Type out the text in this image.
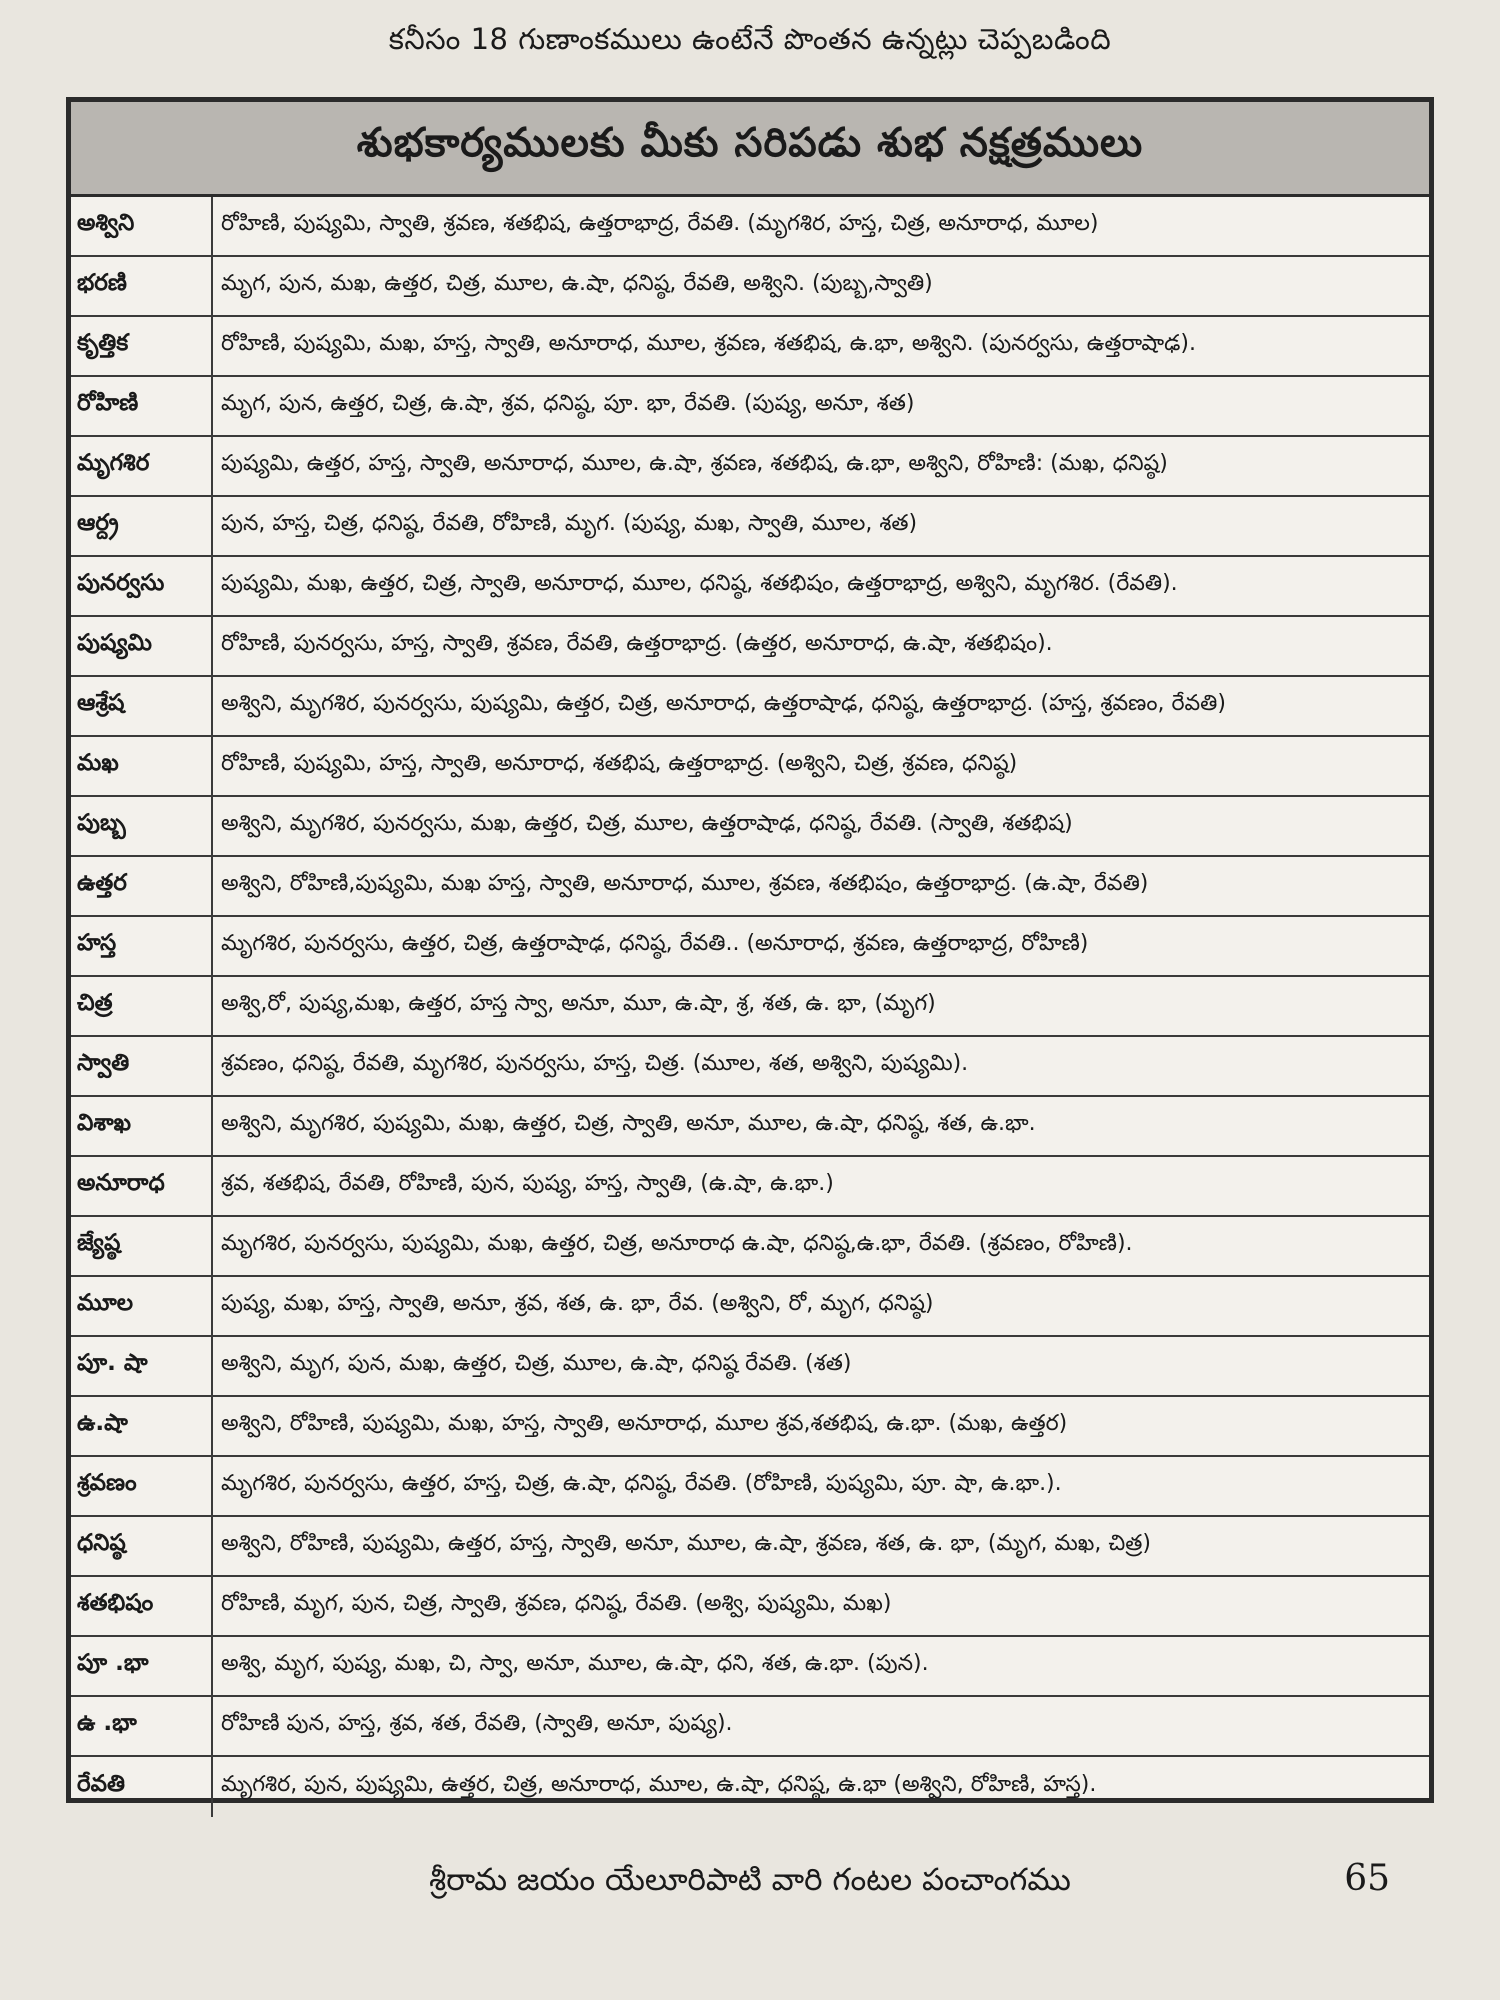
కనీసం 18 గుణాంకములు ఉంటేనే పొంతన ఉన్నట్లు చెప్పబడింది
శుభకార్యములకు మీకు సరిపడు శుభ నక్షత్రములు
అశ్విని	రోహిణి, పుష్యమి, స్వాతి, శ్రవణ, శతభిష, ఉత్తరాభాద్ర, రేవతి. (మృగశిర, హస్త, చిత్ర, అనూరాధ, మూల)
భరణి	మృగ, పున, మఖ, ఉత్తర, చిత్ర, మూల, ఉ.షా, ధనిష్ఠ, రేవతి, అశ్విని. (పుబ్బ,స్వాతి)
కృత్తిక	రోహిణి, పుష్యమి, మఖ, హస్త, స్వాతి, అనూరాధ, మూల, శ్రవణ, శతభిష, ఉ.భా, అశ్విని. (పునర్వసు, ఉత్తరాషాఢ).
రోహిణి	మృగ, పున, ఉత్తర, చిత్ర, ఉ.షా, శ్రవ, ధనిష్ఠ, పూ. భా, రేవతి. (పుష్య, అనూ, శత)
మృగశిర	పుష్యమి, ఉత్తర, హస్త, స్వాతి, అనూరాధ, మూల, ఉ.షా, శ్రవణ, శతభిష, ఉ.భా, అశ్విని, రోహిణి: (మఖ, ధనిష్ఠ)
ఆర్ద్ర	పున, హస్త, చిత్ర, ధనిష్ఠ, రేవతి, రోహిణి, మృగ. (పుష్య, మఖ, స్వాతి, మూల, శత)
పునర్వసు	పుష్యమి, మఖ, ఉత్తర, చిత్ర, స్వాతి, అనూరాధ, మూల, ధనిష్ఠ, శతభిషం, ఉత్తరాభాద్ర, అశ్విని, మృగశిర. (రేవతి).
పుష్యమి	రోహిణి, పునర్వసు, హస్త, స్వాతి, శ్రవణ, రేవతి, ఉత్తరాభాద్ర. (ఉత్తర, అనూరాధ, ఉ.షా, శతభిషం).
ఆశ్రేష	అశ్విని, మృగశిర, పునర్వసు, పుష్యమి, ఉత్తర, చిత్ర, అనూరాధ, ఉత్తరాషాఢ, ధనిష్ఠ, ఉత్తరాభాద్ర. (హస్త, శ్రవణం, రేవతి)
మఖ	రోహిణి, పుష్యమి, హస్త, స్వాతి, అనూరాధ, శతభిష, ఉత్తరాభాద్ర. (అశ్విని, చిత్ర, శ్రవణ, ధనిష్ఠ)
పుబ్బ	అశ్విని, మృగశిర, పునర్వసు, మఖ, ఉత్తర, చిత్ర, మూల, ఉత్తరాషాఢ, ధనిష్ఠ, రేవతి. (స్వాతి, శతభిష)
ఉత్తర	అశ్విని, రోహిణి,పుష్యమి, మఖ హస్త, స్వాతి, అనూరాధ, మూల, శ్రవణ, శతభిషం, ఉత్తరాభాద్ర. (ఉ.షా, రేవతి)
హస్త	మృగశిర, పునర్వసు, ఉత్తర, చిత్ర, ఉత్తరాషాఢ, ధనిష్ఠ, రేవతి.. (అనూరాధ, శ్రవణ, ఉత్తరాభాద్ర, రోహిణి)
చిత్ర	అశ్వి,రో, పుష్య,మఖ, ఉత్తర, హస్త స్వా, అనూ, మూ, ఉ.షా, శ్ర, శత, ఉ. భా, (మృగ)
స్వాతి	శ్రవణం, ధనిష్ఠ, రేవతి, మృగశిర, పునర్వసు, హస్త, చిత్ర. (మూల, శత, అశ్విని, పుష్యమి).
విశాఖ	అశ్విని, మృగశిర, పుష్యమి, మఖ, ఉత్తర, చిత్ర, స్వాతి, అనూ, మూల, ఉ.షా, ధనిష్ఠ, శత, ఉ.భా.
అనూరాధ	శ్రవ, శతభిష, రేవతి, రోహిణి, పున, పుష్య, హస్త, స్వాతి, (ఉ.షా, ఉ.భా.)
జ్యేష్ఠ	మృగశిర, పునర్వసు, పుష్యమి, మఖ, ఉత్తర, చిత్ర, అనూరాధ ఉ.షా, ధనిష్ఠ,ఉ.భా, రేవతి. (శ్రవణం, రోహిణి).
మూల	పుష్య, మఖ, హస్త, స్వాతి, అనూ, శ్రవ, శత, ఉ. భా, రేవ. (అశ్విని, రో, మృగ, ధనిష్ఠ)
పూ. షా	అశ్విని, మృగ, పున, మఖ, ఉత్తర, చిత్ర, మూల, ఉ.షా, ధనిష్ఠ రేవతి. (శత)
ఉ.షా	అశ్విని, రోహిణి, పుష్యమి, మఖ, హస్త, స్వాతి, అనూరాధ, మూల శ్రవ,శతభిష, ఉ.భా. (మఖ, ఉత్తర)
శ్రవణం	మృగశిర, పునర్వసు, ఉత్తర, హస్త, చిత్ర, ఉ.షా, ధనిష్ఠ, రేవతి. (రోహిణి, పుష్యమి, పూ. షా, ఉ.భా.).
ధనిష్ఠ	అశ్విని, రోహిణి, పుష్యమి, ఉత్తర, హస్త, స్వాతి, అనూ, మూల, ఉ.షా, శ్రవణ, శత, ఉ. భా, (మృగ, మఖ, చిత్ర)
శతభిషం	రోహిణి, మృగ, పున, చిత్ర, స్వాతి, శ్రవణ, ధనిష్ఠ, రేవతి. (అశ్వి, పుష్యమి, మఖ)
పూ .భా	అశ్వి, మృగ, పుష్య, మఖ, చి, స్వా, అనూ, మూల, ఉ.షా, ధని, శత, ఉ.భా. (పున).
ఉ .భా	రోహిణి పున, హస్త, శ్రవ, శత, రేవతి, (స్వాతి, అనూ, పుష్య).
రేవతి	మృగశిర, పున, పుష్యమి, ఉత్తర, చిత్ర, అనూరాధ, మూల, ఉ.షా, ధనిష్ఠ, ఉ.భా (అశ్విని, రోహిణి, హస్త).
శ్రీరామ జయం యేలూరిపాటి వారి గంటల పంచాంగము	65
